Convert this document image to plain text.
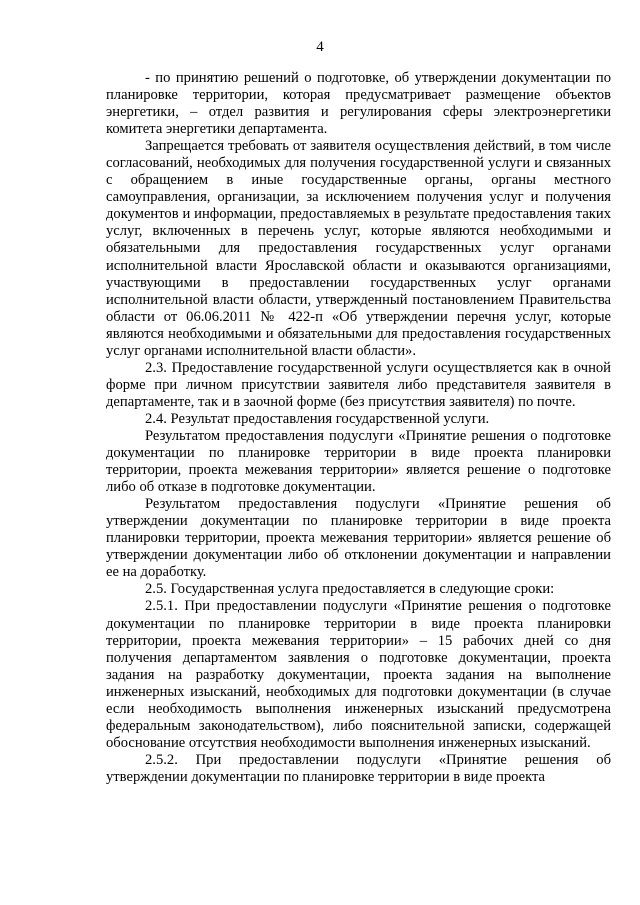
4

- по принятию решений о подготовке, об утверждении документации по планировке территории, которая предусматривает размещение объектов энергетики, – отдел развития и регулирования сферы электроэнергетики комитета энергетики департамента.

Запрещается требовать от заявителя осуществления действий, в том числе согласований, необходимых для получения государственной услуги и связанных с обращением в иные государственные органы, органы местного самоуправления, организации, за исключением получения услуг и получения документов и информации, предоставляемых в результате предоставления таких услуг, включенных в перечень услуг, которые являются необходимыми и обязательными для предоставления государственных услуг органами исполнительной власти Ярославской области и оказываются организациями, участвующими в предоставлении государственных услуг органами исполнительной власти области, утвержденный постановлением Правительства области от 06.06.2011 № 422-п «Об утверждении перечня услуг, которые являются необходимыми и обязательными для предоставления государственных услуг органами исполнительной власти области».

2.3. Предоставление государственной услуги осуществляется как в очной форме при личном присутствии заявителя либо представителя заявителя в департаменте, так и в заочной форме (без присутствия заявителя) по почте.

2.4. Результат предоставления государственной услуги.

Результатом предоставления подуслуги «Принятие решения о подготовке документации по планировке территории в виде проекта планировки территории, проекта межевания территории» является решение о подготовке либо об отказе в подготовке документации.

Результатом предоставления подуслуги «Принятие решения об утверждении документации по планировке территории в виде проекта планировки территории, проекта межевания территории» является решение об утверждении документации либо об отклонении документации и направлении ее на доработку.

2.5. Государственная услуга предоставляется в следующие сроки:

2.5.1. При предоставлении подуслуги «Принятие решения о подготовке документации по планировке территории в виде проекта планировки территории, проекта межевания территории» – 15 рабочих дней со дня получения департаментом заявления о подготовке документации, проекта задания на разработку документации, проекта задания на выполнение инженерных изысканий, необходимых для подготовки документации (в случае если необходимость выполнения инженерных изысканий предусмотрена федеральным законодательством), либо пояснительной записки, содержащей обоснование отсутствия необходимости выполнения инженерных изысканий.

2.5.2. При предоставлении подуслуги «Принятие решения об утверждении документации по планировке территории в виде проекта
